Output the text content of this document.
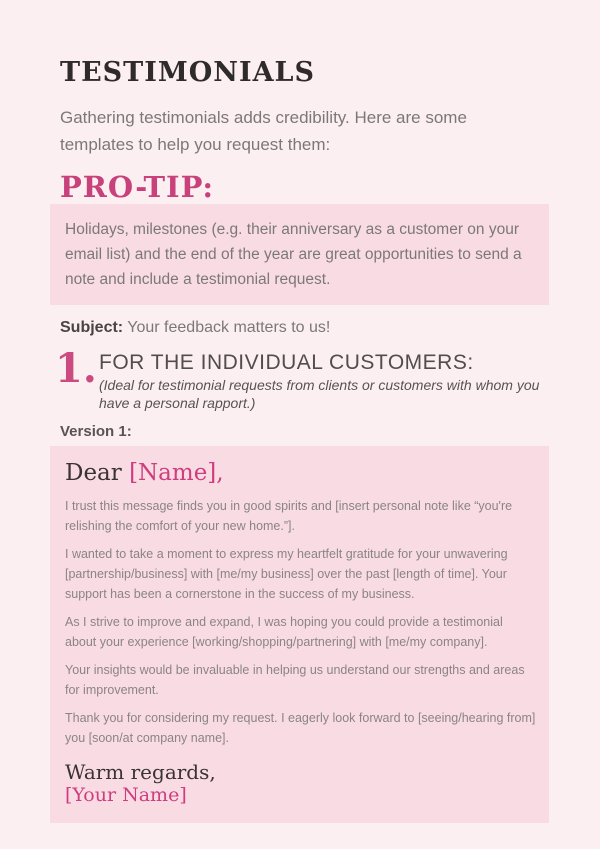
TESTIMONIALS

Gathering testimonials adds credibility. Here are some templates to help you request them:

PRO-TIP:

Holidays, milestones (e.g. their anniversary as a customer on your email list) and the end of the year are great opportunities to send a note and include a testimonial request.

Subject: Your feedback matters to us!

1. FOR THE INDIVIDUAL CUSTOMERS:
(Ideal for testimonial requests from clients or customers with whom you have a personal rapport.)

Version 1:

Dear [Name],

I trust this message finds you in good spirits and [insert personal note like “you're relishing the comfort of your new home.”].

I wanted to take a moment to express my heartfelt gratitude for your unwavering [partnership/business] with [me/my business] over the past [length of time]. Your support has been a cornerstone in the success of my business.

As I strive to improve and expand, I was hoping you could provide a testimonial about your experience [working/shopping/partnering] with [me/my company].

Your insights would be invaluable in helping us understand our strengths and areas for improvement.

Thank you for considering my request. I eagerly look forward to [seeing/hearing from] you [soon/at company name].

Warm regards,

[Your Name]
